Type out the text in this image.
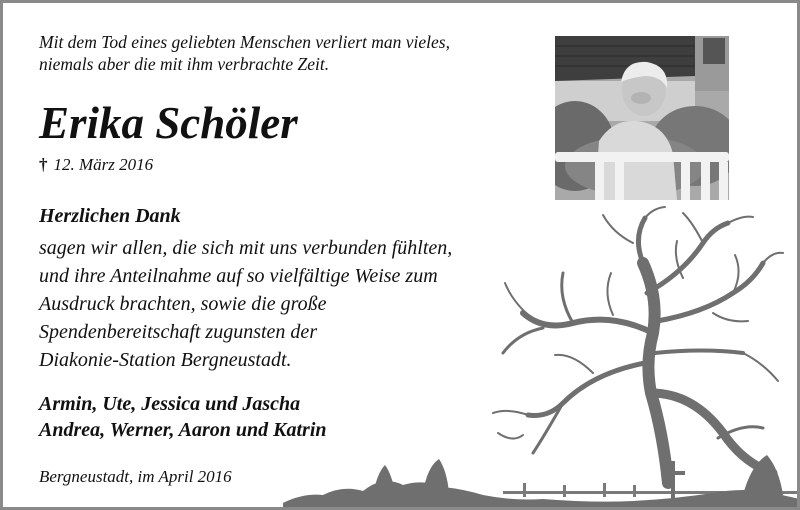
Mit dem Tod eines geliebten Menschen verliert man vieles,
niemals aber die mit ihm verbrachte Zeit.
Erika Schöler
† 12. März 2016
Herzlichen Dank
sagen wir allen, die sich mit uns verbunden fühlten,
und ihre Anteilnahme auf so vielfältige Weise zum
Ausdruck brachten, sowie die große
Spendenbereitschaft zugunsten der
Diakonie-Station Bergneustadt.
Armin, Ute, Jessica und Jascha
Andrea, Werner, Aaron und Katrin
Bergneustadt, im April 2016
